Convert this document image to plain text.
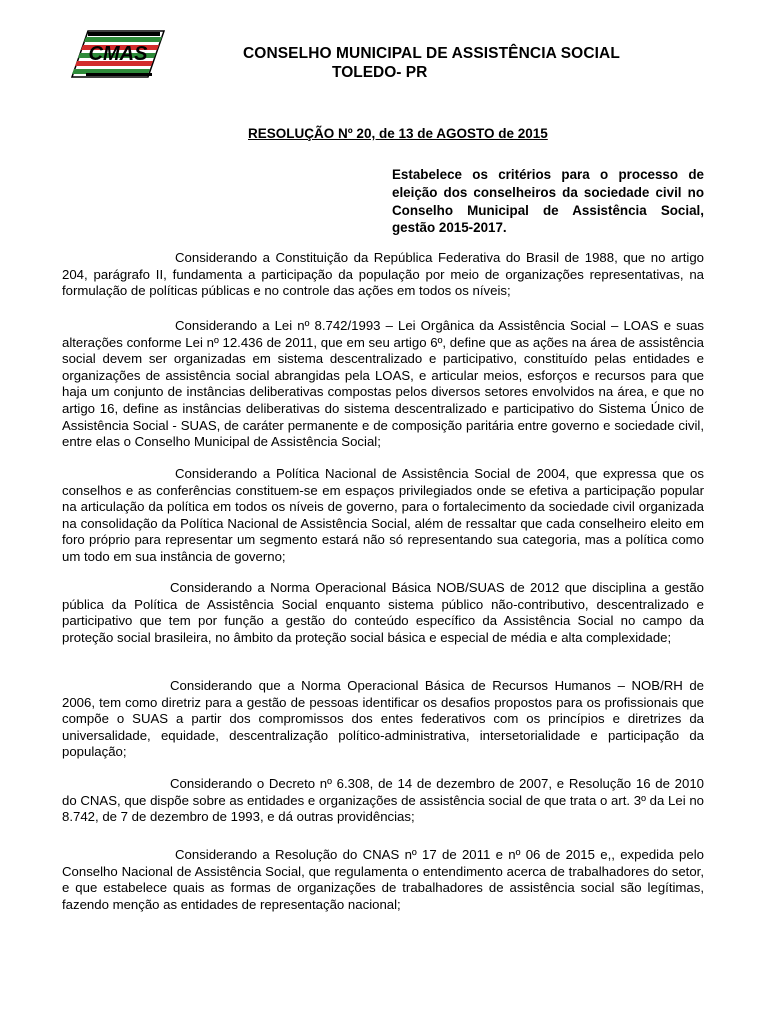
CMAS	CONSELHO MUNICIPAL DE ASSISTÊNCIA SOCIAL
TOLEDO- PR
RESOLUÇÃO Nº 20, de 13 de AGOSTO de 2015
Estabelece os critérios para o processo de eleição dos conselheiros da sociedade civil no Conselho Municipal de Assistência Social, gestão 2015-2017.
Considerando a Constituição da República Federativa do Brasil de 1988, que no artigo 204, parágrafo II, fundamenta a participação da população por meio de organizações representativas, na formulação de políticas públicas e no controle das ações em todos os níveis;
Considerando a Lei nº 8.742/1993 – Lei Orgânica da Assistência Social – LOAS e suas alterações conforme Lei nº 12.436 de 2011, que em seu artigo 6º, define que as ações na área de assistência social devem ser organizadas em sistema descentralizado e participativo, constituído pelas entidades e organizações de assistência social abrangidas pela LOAS, e articular meios, esforços e recursos para que haja um conjunto de instâncias deliberativas compostas pelos diversos setores envolvidos na área, e que no artigo 16, define as instâncias deliberativas do sistema descentralizado e participativo do Sistema Único de Assistência Social - SUAS, de caráter permanente e de composição paritária entre governo e sociedade civil, entre elas o Conselho Municipal de Assistência Social;
Considerando a Política Nacional de Assistência Social de 2004, que expressa que os conselhos e as conferências constituem-se em espaços privilegiados onde se efetiva a participação popular na articulação da política em todos os níveis de governo, para o fortalecimento da sociedade civil organizada na consolidação da Política Nacional de Assistência Social, além de ressaltar que cada conselheiro eleito em foro próprio para representar um segmento estará não só representando sua categoria, mas a política como um todo em sua instância de governo;
Considerando a Norma Operacional Básica NOB/SUAS de 2012 que disciplina a gestão pública da Política de Assistência Social enquanto sistema público não-contributivo, descentralizado e participativo que tem por função a gestão do conteúdo específico da Assistência Social no campo da proteção social brasileira, no âmbito da proteção social básica e especial de média e alta complexidade;
Considerando que a Norma Operacional Básica de Recursos Humanos – NOB/RH de 2006, tem como diretriz para a gestão de pessoas identificar os desafios propostos para os profissionais que compõe o SUAS a partir dos compromissos dos entes federativos com os princípios e diretrizes da universalidade, equidade, descentralização político-administrativa, intersetorialidade e participação da população;
Considerando o Decreto nº 6.308, de 14 de dezembro de 2007, e Resolução 16 de 2010 do CNAS, que dispõe sobre as entidades e organizações de assistência social de que trata o art. 3º da Lei no 8.742, de 7 de dezembro de 1993, e dá outras providências;
Considerando a Resolução do CNAS nº 17 de 2011 e nº 06 de 2015 e,, expedida pelo Conselho Nacional de Assistência Social, que regulamenta o entendimento acerca de trabalhadores do setor, e que estabelece quais as formas de organizações de trabalhadores de assistência social são legítimas, fazendo menção as entidades de representação nacional;
